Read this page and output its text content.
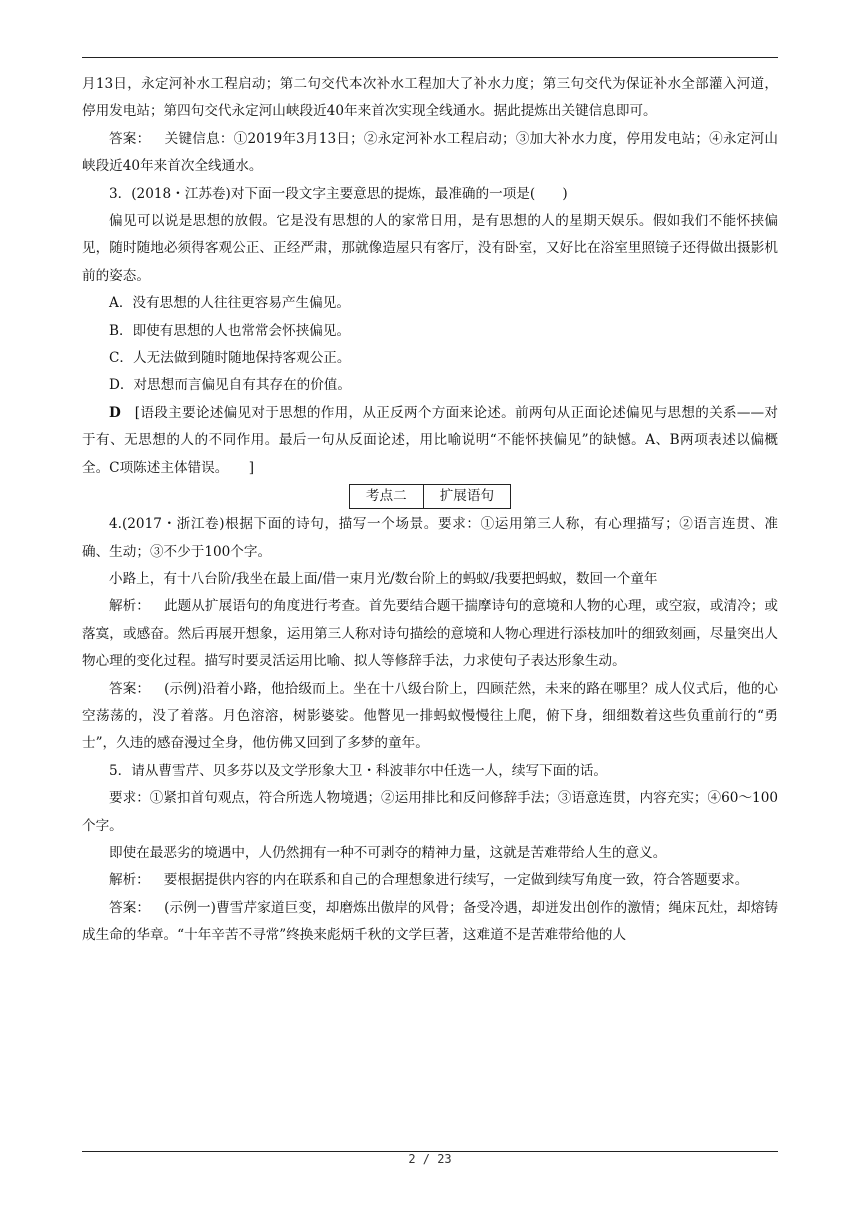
月13日，永定河补水工程启动；第二句交代本次补水工程加大了补水力度；第三句交代为保证补水全部灌入河道，停用发电站；第四句交代永定河山峡段近40年来首次实现全线通水。据此提炼出关键信息即可。

答案： 关键信息：①2019年3月13日；②永定河补水工程启动；③加大补水力度，停用发电站；④永定河山峡段近40年来首次全线通水。

3．(2018・江苏卷)对下面一段文字主要意思的提炼，最准确的一项是(　　)

偏见可以说是思想的放假。它是没有思想的人的家常日用，是有思想的人的星期天娱乐。假如我们不能怀挟偏见，随时随地必须得客观公正、正经严肃，那就像造屋只有客厅，没有卧室，又好比在浴室里照镜子还得做出摄影机前的姿态。

A．没有思想的人往往更容易产生偏见。

B．即使有思想的人也常常会怀挟偏见。

C．人无法做到随时随地保持客观公正。

D．对思想而言偏见自有其存在的价值。

D [语段主要论述偏见对于思想的作用，从正反两个方面来论述。前两句从正面论述偏见与思想的关系——对于有、无思想的人的不同作用。最后一句从反面论述，用比喻说明“不能怀挟偏见”的缺憾。A、B两项表述以偏概全。C项陈述主体错误。　　]

考点二	扩展语句

4.(2017・浙江卷)根据下面的诗句，描写一个场景。要求：①运用第三人称，有心理描写；②语言连贯、准确、生动；③不少于100个字。

小路上，有十八台阶/我坐在最上面/借一束月光/数台阶上的蚂蚁/我要把蚂蚁，数回一个童年

解析： 此题从扩展语句的角度进行考查。首先要结合题干揣摩诗句的意境和人物的心理，或空寂，或清冷；或落寞，或感奋。然后再展开想象，运用第三人称对诗句描绘的意境和人物心理进行添枝加叶的细致刻画，尽量突出人物心理的变化过程。描写时要灵活运用比喻、拟人等修辞手法，力求使句子表达形象生动。

答案： (示例)沿着小路，他拾级而上。坐在十八级台阶上，四顾茫然，未来的路在哪里？成人仪式后，他的心空荡荡的，没了着落。月色溶溶，树影婆娑。他瞥见一排蚂蚁慢慢往上爬，俯下身，细细数着这些负重前行的“勇士”，久违的感奋漫过全身，他仿佛又回到了多梦的童年。

5．请从曹雪芹、贝多芬以及文学形象大卫・科波菲尔中任选一人，续写下面的话。

要求：①紧扣首句观点，符合所选人物境遇；②运用排比和反问修辞手法；③语意连贯，内容充实；④60～100个字。

即使在最恶劣的境遇中，人仍然拥有一种不可剥夺的精神力量，这就是苦难带给人生的意义。

解析： 要根据提供内容的内在联系和自己的合理想象进行续写，一定做到续写角度一致，符合答题要求。

答案： (示例一)曹雪芹家道巨变，却磨炼出傲岸的风骨；备受冷遇，却迸发出创作的激情；绳床瓦灶，却熔铸成生命的华章。“十年辛苦不寻常”终换来彪炳千秋的文学巨著，这难道不是苦难带给他的人

2 / 23
